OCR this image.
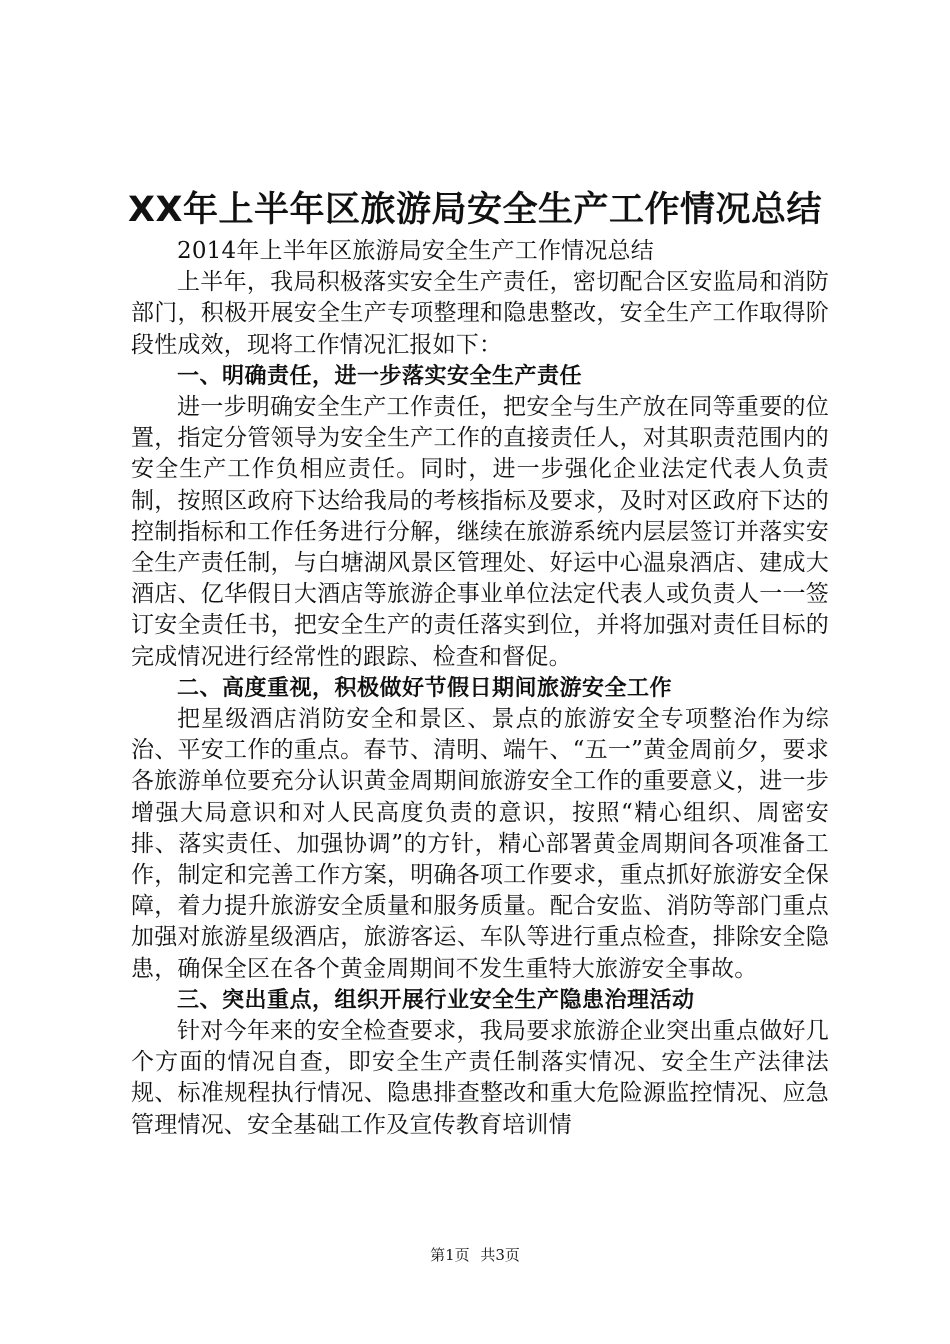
XX年上半年区旅游局安全生产工作情况总结

2014年上半年区旅游局安全生产工作情况总结

上半年，我局积极落实安全生产责任，密切配合区安监局和消防部门，积极开展安全生产专项整理和隐患整改，安全生产工作取得阶段性成效，现将工作情况汇报如下：

一、明确责任，进一步落实安全生产责任

进一步明确安全生产工作责任，把安全与生产放在同等重要的位置，指定分管领导为安全生产工作的直接责任人，对其职责范围内的安全生产工作负相应责任。同时，进一步强化企业法定代表人负责制，按照区政府下达给我局的考核指标及要求，及时对区政府下达的控制指标和工作任务进行分解，继续在旅游系统内层层签订并落实安全生产责任制，与白塘湖风景区管理处、好运中心温泉酒店、建成大酒店、亿华假日大酒店等旅游企事业单位法定代表人或负责人一一签订安全责任书，把安全生产的责任落实到位，并将加强对责任目标的完成情况进行经常性的跟踪、检查和督促。

二、高度重视，积极做好节假日期间旅游安全工作

把星级酒店消防安全和景区、景点的旅游安全专项整治作为综治、平安工作的重点。春节、清明、端午、“五一”黄金周前夕，要求各旅游单位要充分认识黄金周期间旅游安全工作的重要意义，进一步增强大局意识和对人民高度负责的意识，按照“精心组织、周密安排、落实责任、加强协调”的方针，精心部署黄金周期间各项准备工作，制定和完善工作方案，明确各项工作要求，重点抓好旅游安全保障，着力提升旅游安全质量和服务质量。配合安监、消防等部门重点加强对旅游星级酒店，旅游客运、车队等进行重点检查，排除安全隐患，确保全区在各个黄金周期间不发生重特大旅游安全事故。

三、突出重点，组织开展行业安全生产隐患治理活动

针对今年来的安全检查要求，我局要求旅游企业突出重点做好几个方面的情况自查，即安全生产责任制落实情况、安全生产法律法规、标准规程执行情况、隐患排查整改和重大危险源监控情况、应急管理情况、安全基础工作及宣传教育培训情

第1页 共3页
